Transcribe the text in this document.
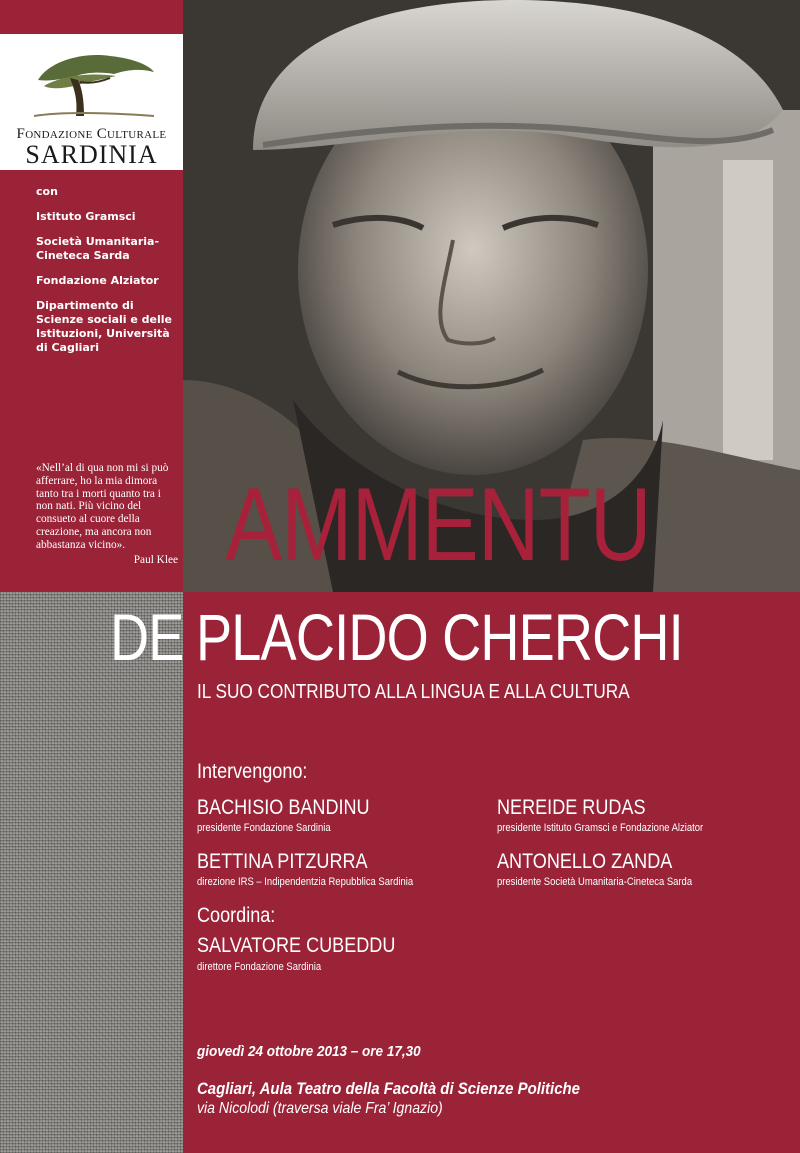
Fondazione Culturale
SARDINIA
con
Istituto Gramsci
Società Umanitaria-
Cineteca Sarda
Fondazione Alziator
Dipartimento di
Scienze sociali e delle
Istituzioni, Università
di Cagliari
«Nell’al di qua non mi si può afferrare, ho la mia dimora tanto tra i morti quanto tra i non nati. Più vicino del consueto al cuore della creazione, ma ancora non abbastanza vicino».
Paul Klee AMMENTU
DE PLACIDO CHERCHI
IL SUO CONTRIBUTO ALLA LINGUA E ALLA CULTURA
Intervengono:
BACHISIO BANDINU
presidente Fondazione Sardinia
NEREIDE RUDAS
presidente Istituto Gramsci e Fondazione Alziator
BETTINA PITZURRA
direzione IRS – Indipendentzia Repubblica Sardinia
ANTONELLO ZANDA
presidente Società Umanitaria-Cineteca Sarda
Coordina:
SALVATORE CUBEDDU
direttore Fondazione Sardinia
giovedì 24 ottobre 2013 – ore 17,30
Cagliari, Aula Teatro della Facoltà di Scienze Politiche
via Nicolodi (traversa viale Fra’ Ignazio)
